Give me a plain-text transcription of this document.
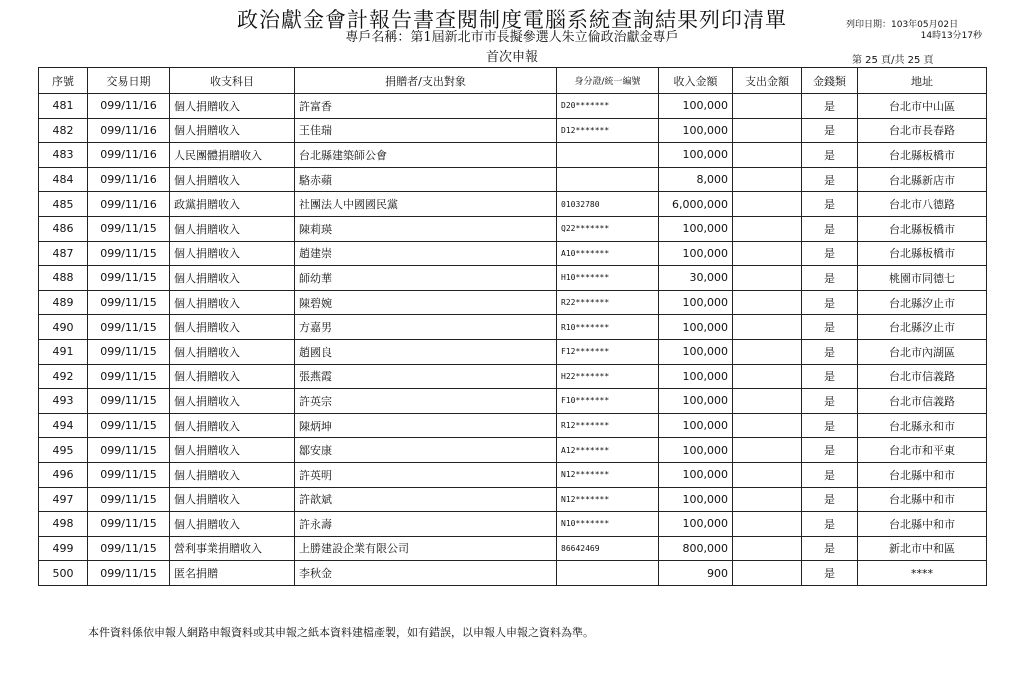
政治獻金會計報告書查閱制度電腦系統查詢結果列印清單
專戶名稱：第1屆新北市市長擬參選人朱立倫政治獻金專戶
首次申報
列印日期：103年05月02日
14時13分17秒
第 25 頁/共 25 頁
序號	交易日期	收支科目	捐贈者/支出對象	身分證/統一編號	收入金額	支出金額	金錢類	地址
481	099/11/16	個人捐贈收入	許富香	D20*******	100,000		是	台北市中山區
482	099/11/16	個人捐贈收入	王佳瑞	D12*******	100,000		是	台北市長春路
483	099/11/16	人民團體捐贈收入	台北縣建築師公會		100,000		是	台北縣板橋市
484	099/11/16	個人捐贈收入	駱赤蘋		8,000		是	台北縣新店市
485	099/11/16	政黨捐贈收入	社團法人中國國民黨	01032780	6,000,000		是	台北市八德路
486	099/11/15	個人捐贈收入	陳莉瑛	Q22*******	100,000		是	台北縣板橋市
487	099/11/15	個人捐贈收入	趙建崇	A10*******	100,000		是	台北縣板橋市
488	099/11/15	個人捐贈收入	師幼華	H10*******	30,000		是	桃園市同德七
489	099/11/15	個人捐贈收入	陳碧婉	R22*******	100,000		是	台北縣汐止市
490	099/11/15	個人捐贈收入	方嘉男	R10*******	100,000		是	台北縣汐止市
491	099/11/15	個人捐贈收入	趙國良	F12*******	100,000		是	台北市內湖區
492	099/11/15	個人捐贈收入	張燕霞	H22*******	100,000		是	台北市信義路
493	099/11/15	個人捐贈收入	許英宗	F10*******	100,000		是	台北市信義路
494	099/11/15	個人捐贈收入	陳炳坤	R12*******	100,000		是	台北縣永和市
495	099/11/15	個人捐贈收入	鄒安康	A12*******	100,000		是	台北市和平東
496	099/11/15	個人捐贈收入	許英明	N12*******	100,000		是	台北縣中和市
497	099/11/15	個人捐贈收入	許歆斌	N12*******	100,000		是	台北縣中和市
498	099/11/15	個人捐贈收入	許永壽	N10*******	100,000		是	台北縣中和市
499	099/11/15	營利事業捐贈收入	上勝建設企業有限公司	86642469	800,000		是	新北市中和區
500	099/11/15	匿名捐贈	李秋金		900		是	****
本件資料係依申報人網路申報資料或其申報之紙本資料建檔產製，如有錯誤，以申報人申報之資料為準。
